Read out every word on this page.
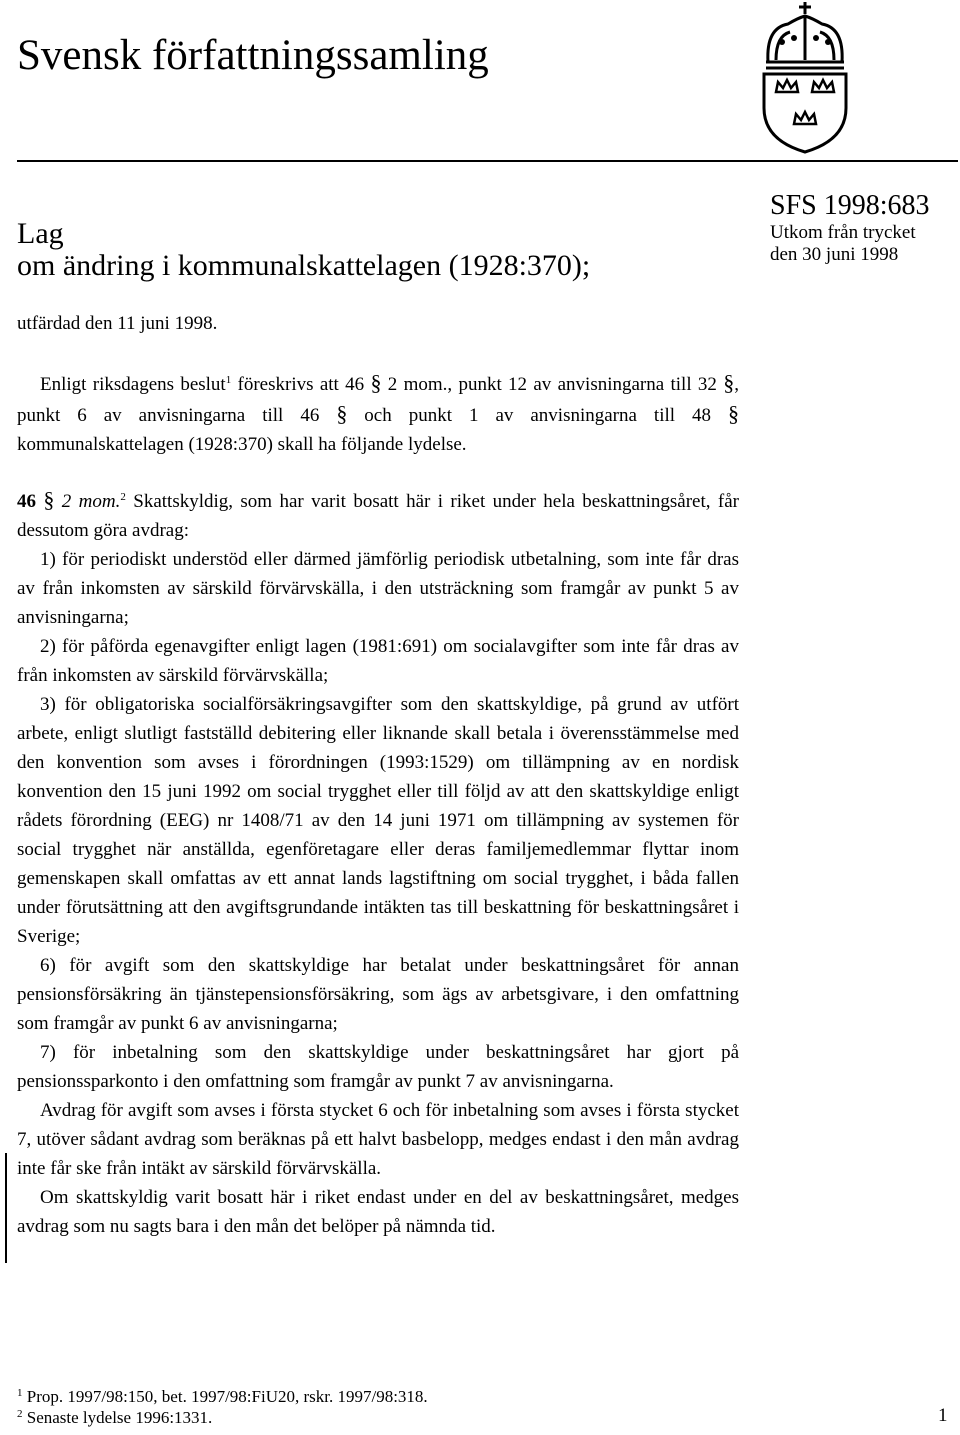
Svensk författningssamling
Lag
om ändring i kommunalskattelagen (1928:370);
SFS 1998:683
Utkom från trycket
den 30 juni 1998
utfärdad den 11 juni 1998.

Enligt riksdagens beslut$^1$ föreskrivs att 46 § 2 mom., punkt 12 av anvisningarna till 32 §, punkt 6 av anvisningarna till 46 § och punkt 1 av anvisningarna till 48 § kommunalskattelagen (1928:370) skall ha följande lydelse.

46 § 2 mom.$^2$ Skattskyldig, som har varit bosatt här i riket under hela beskattningsåret, får dessutom göra avdrag:

1) för periodiskt understöd eller därmed jämförlig periodisk utbetalning, som inte får dras av från inkomsten av särskild förvärvskälla, i den utsträckning som framgår av punkt 5 av anvisningarna;

2) för påförda egenavgifter enligt lagen (1981:691) om socialavgifter som inte får dras av från inkomsten av särskild förvärvskälla;

3) för obligatoriska socialförsäkringsavgifter som den skattskyldige, på grund av utfört arbete, enligt slutligt fastställd debitering eller liknande skall betala i överensstämmelse med den konvention som avses i förordningen (1993:1529) om tillämpning av en nordisk konvention den 15 juni 1992 om social trygghet eller till följd av att den skattskyldige enligt rådets förordning (EEG) nr 1408/71 av den 14 juni 1971 om tillämpning av systemen för social trygghet när anställda, egenföretagare eller deras familjemedlemmar flyttar inom gemenskapen skall omfattas av ett annat lands lagstiftning om social trygghet, i båda fallen under förutsättning att den avgiftsgrundande intäkten tas till beskattning för beskattningsåret i Sverige;

6) för avgift som den skattskyldige har betalat under beskattningsåret för annan pensionsförsäkring än tjänstepensionsförsäkring, som ägs av arbetsgivare, i den omfattning som framgår av punkt 6 av anvisningarna;

7) för inbetalning som den skattskyldige under beskattningsåret har gjort på pensionssparkonto i den omfattning som framgår av punkt 7 av anvisningarna.

Avdrag för avgift som avses i första stycket 6 och för inbetalning som avses i första stycket 7, utöver sådant avdrag som beräknas på ett halvt basbelopp, medges endast i den mån avdrag inte får ske från intäkt av särskild förvärvskälla.

Om skattskyldig varit bosatt här i riket endast under en del av beskattningsåret, medges avdrag som nu sagts bara i den mån det belöper på nämnda tid.

$^1$ Prop. 1997/98:150, bet. 1997/98:FiU20, rskr. 1997/98:318.
$^2$ Senaste lydelse 1996:1331.	1
